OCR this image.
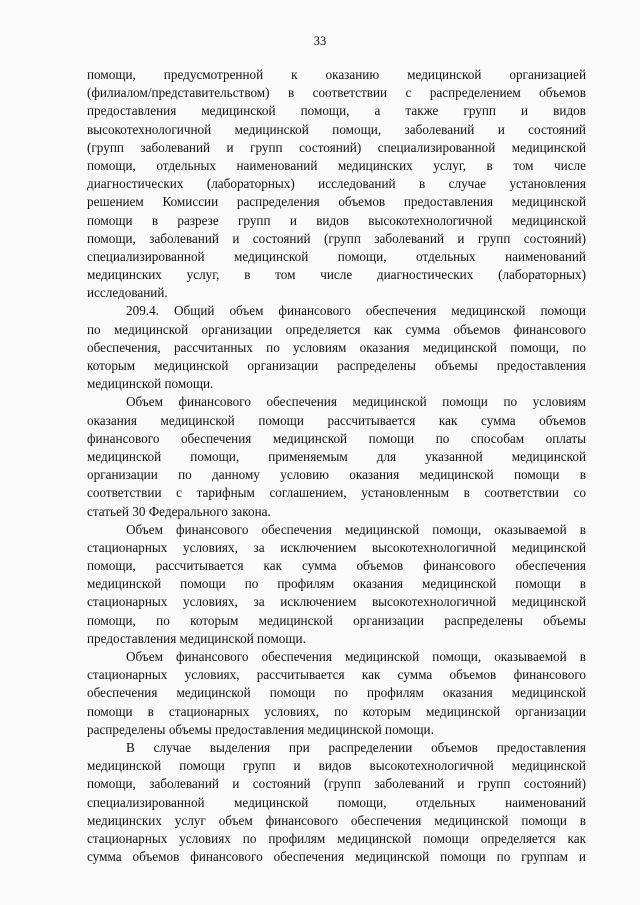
33
помощи, предусмотренной к оказанию медицинской организацией
(филиалом/представительством) в соответствии с распределением объемов
предоставления медицинской помощи, а также групп и видов
высокотехнологичной медицинской помощи, заболеваний и состояний
(групп заболеваний и групп состояний) специализированной медицинской
помощи, отдельных наименований медицинских услуг, в том числе
диагностических (лабораторных) исследований в случае установления
решением Комиссии распределения объемов предоставления медицинской
помощи в разрезе групп и видов высокотехнологичной медицинской
помощи, заболеваний и состояний (групп заболеваний и групп состояний)
специализированной медицинской помощи, отдельных наименований
медицинских услуг, в том числе диагностических (лабораторных)
исследований.
209.4. Общий объем финансового обеспечения медицинской помощи
по медицинской организации определяется как сумма объемов финансового
обеспечения, рассчитанных по условиям оказания медицинской помощи, по
которым медицинской организации распределены объемы предоставления
медицинской помощи.
Объем финансового обеспечения медицинской помощи по условиям
оказания медицинской помощи рассчитывается как сумма объемов
финансового обеспечения медицинской помощи по способам оплаты
медицинской помощи, применяемым для указанной медицинской
организации по данному условию оказания медицинской помощи в
соответствии с тарифным соглашением, установленным в соответствии со
статьей 30 Федерального закона.
Объем финансового обеспечения медицинской помощи, оказываемой в
стационарных условиях, за исключением высокотехнологичной медицинской
помощи, рассчитывается как сумма объемов финансового обеспечения
медицинской помощи по профилям оказания медицинской помощи в
стационарных условиях, за исключением высокотехнологичной медицинской
помощи, по которым медицинской организации распределены объемы
предоставления медицинской помощи.
Объем финансового обеспечения медицинской помощи, оказываемой в
стационарных условиях, рассчитывается как сумма объемов финансового
обеспечения медицинской помощи по профилям оказания медицинской
помощи в стационарных условиях, по которым медицинской организации
распределены объемы предоставления медицинской помощи.
В случае выделения при распределении объемов предоставления
медицинской помощи групп и видов высокотехнологичной медицинской
помощи, заболеваний и состояний (групп заболеваний и групп состояний)
специализированной медицинской помощи, отдельных наименований
медицинских услуг объем финансового обеспечения медицинской помощи в
стационарных условиях по профилям медицинской помощи определяется как
сумма объемов финансового обеспечения медицинской помощи по группам и
